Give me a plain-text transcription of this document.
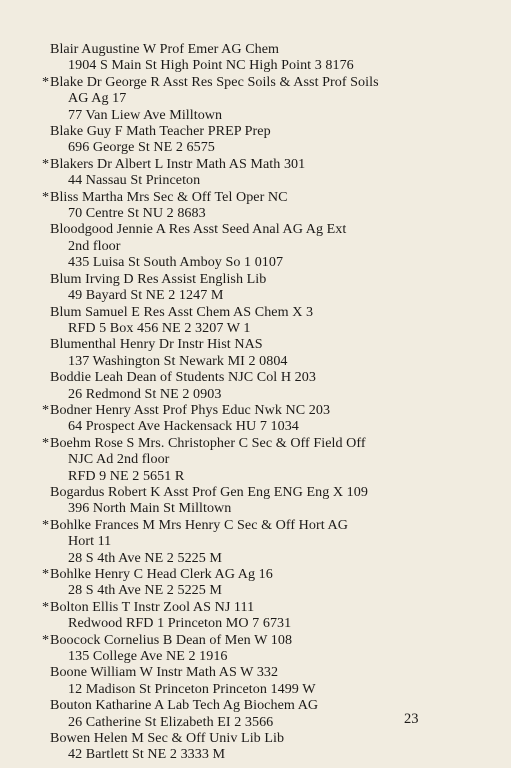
Blair Augustine W Prof Emer AG Chem
1904 S Main St High Point NC High Point 3 8176
*Blake Dr George R Asst Res Spec Soils & Asst Prof Soils
AG Ag 17
77 Van Liew Ave Milltown
Blake Guy F Math Teacher PREP Prep
696 George St NE 2 6575
*Blakers Dr Albert L Instr Math AS Math 301
44 Nassau St Princeton
*Bliss Martha Mrs Sec & Off Tel Oper NC
70 Centre St NU 2 8683
Bloodgood Jennie A Res Asst Seed Anal AG Ag Ext
2nd floor
435 Luisa St South Amboy So 1 0107
Blum Irving D Res Assist English Lib
49 Bayard St NE 2 1247 M
Blum Samuel E Res Asst Chem AS Chem X 3
RFD 5 Box 456 NE 2 3207 W 1
Blumenthal Henry Dr Instr Hist NAS
137 Washington St Newark MI 2 0804
Boddie Leah Dean of Students NJC Col H 203
26 Redmond St NE 2 0903
*Bodner Henry Asst Prof Phys Educ Nwk NC 203
64 Prospect Ave Hackensack HU 7 1034
*Boehm Rose S Mrs. Christopher C Sec & Off Field Off
NJC Ad 2nd floor
RFD 9 NE 2 5651 R
Bogardus Robert K Asst Prof Gen Eng ENG Eng X 109
396 North Main St Milltown
*Bohlke Frances M Mrs Henry C Sec & Off Hort AG
Hort 11
28 S 4th Ave NE 2 5225 M
*Bohlke Henry C Head Clerk AG Ag 16
28 S 4th Ave NE 2 5225 M
*Bolton Ellis T Instr Zool AS NJ 111
Redwood RFD 1 Princeton MO 7 6731
*Boocock Cornelius B Dean of Men W 108
135 College Ave NE 2 1916
Boone William W Instr Math AS W 332
12 Madison St Princeton Princeton 1499 W
Bouton Katharine A Lab Tech Ag Biochem AG
26 Catherine St Elizabeth EI 2 3566
Bowen Helen M Sec & Off Univ Lib Lib
42 Bartlett St NE 2 3333 M
23
